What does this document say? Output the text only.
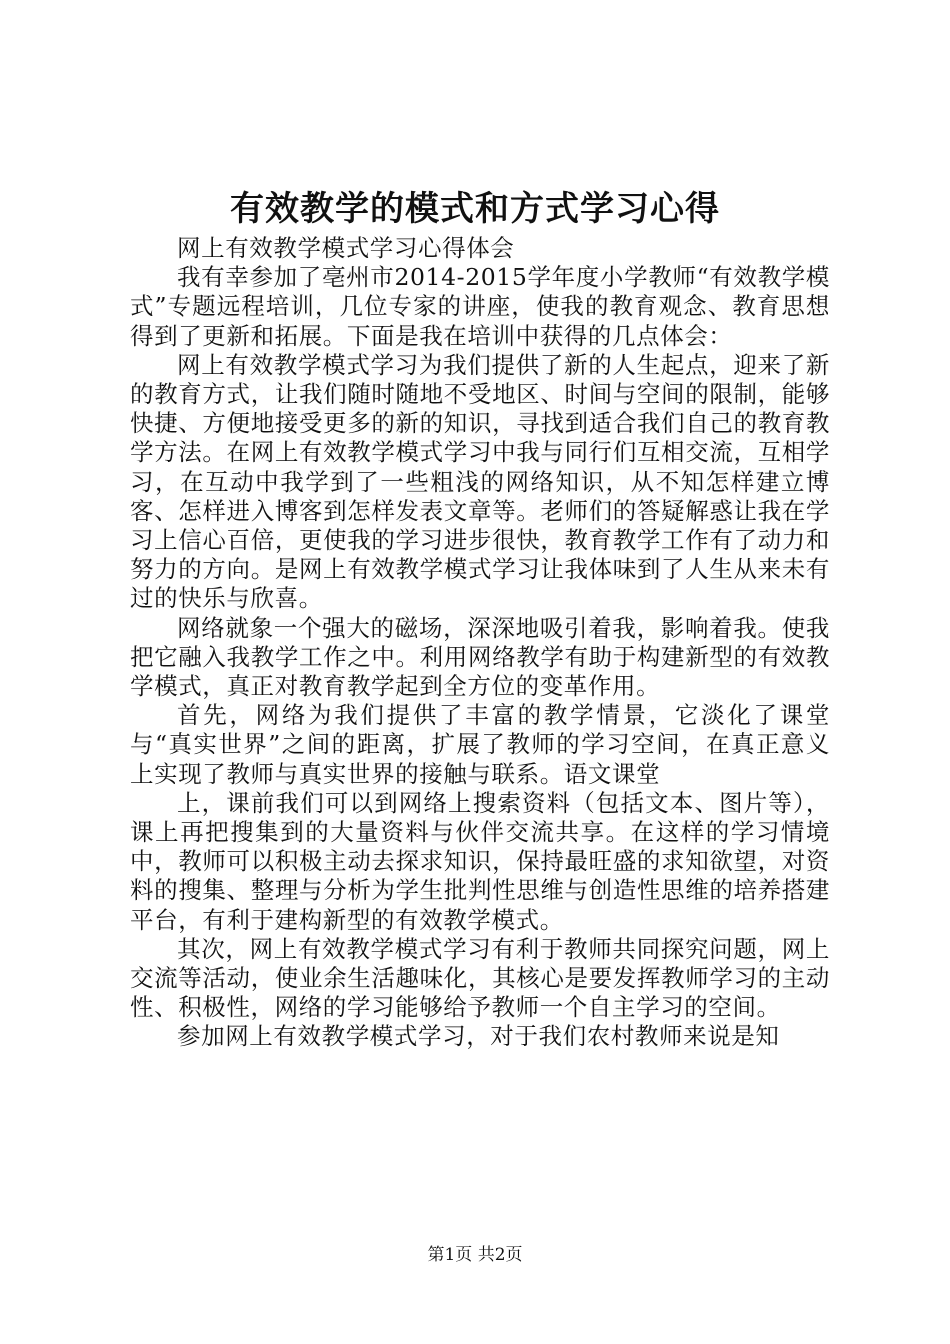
有效教学的模式和方式学习心得

网上有效教学模式学习心得体会

我有幸参加了亳州市2014-2015学年度小学教师“有效教学模式”专题远程培训，几位专家的讲座，使我的教育观念、教育思想得到了更新和拓展。下面是我在培训中获得的几点体会：

网上有效教学模式学习为我们提供了新的人生起点，迎来了新的教育方式，让我们随时随地不受地区、时间与空间的限制，能够快捷、方便地接受更多的新的知识，寻找到适合我们自己的教育教学方法。在网上有效教学模式学习中我与同行们互相交流，互相学习，在互动中我学到了一些粗浅的网络知识，从不知怎样建立博客、怎样进入博客到怎样发表文章等。老师们的答疑解惑让我在学习上信心百倍，更使我的学习进步很快，教育教学工作有了动力和努力的方向。是网上有效教学模式学习让我体味到了人生从来未有过的快乐与欣喜。

网络就象一个强大的磁场，深深地吸引着我，影响着我。使我把它融入我教学工作之中。利用网络教学有助于构建新型的有效教学模式，真正对教育教学起到全方位的变革作用。

首先，网络为我们提供了丰富的教学情景，它淡化了课堂与“真实世界”之间的距离，扩展了教师的学习空间，在真正意义上实现了教师与真实世界的接触与联系。语文课堂

上，课前我们可以到网络上搜索资料（包括文本、图片等），课上再把搜集到的大量资料与伙伴交流共享。在这样的学习情境中，教师可以积极主动去探求知识，保持最旺盛的求知欲望，对资料的搜集、整理与分析为学生批判性思维与创造性思维的培养搭建平台，有利于建构新型的有效教学模式。

其次，网上有效教学模式学习有利于教师共同探究问题，网上交流等活动，使业余生活趣味化，其核心是要发挥教师学习的主动性、积极性，网络的学习能够给予教师一个自主学习的空间。

参加网上有效教学模式学习，对于我们农村教师来说是知

第1页 共2页
